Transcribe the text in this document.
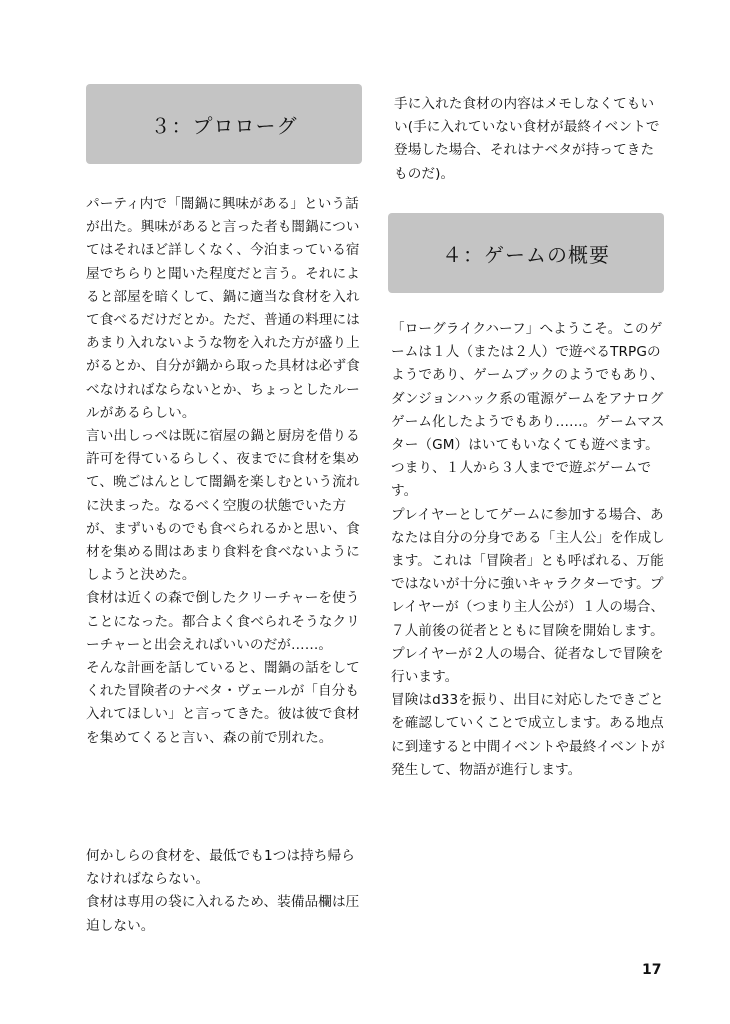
３：プロローグ
パーティ内で「闇鍋に興味がある」という話が出た。興味があると言った者も闇鍋についてはそれほど詳しくなく、今泊まっている宿屋でちらりと聞いた程度だと言う。それによると部屋を暗くして、鍋に適当な食材を入れて食べるだけだとか。ただ、普通の料理にはあまり入れないような物を入れた方が盛り上がるとか、自分が鍋から取った具材は必ず食べなければならないとか、ちょっとしたルールがあるらしい。
言い出しっぺは既に宿屋の鍋と厨房を借りる許可を得ているらしく、夜までに食材を集めて、晩ごはんとして闇鍋を楽しむという流れに決まった。なるべく空腹の状態でいた方が、まずいものでも食べられるかと思い、食材を集める間はあまり食料を食べないようにしようと決めた。
食材は近くの森で倒したクリーチャーを使うことになった。都合よく食べられそうなクリーチャーと出会えればいいのだが……。
そんな計画を話していると、闇鍋の話をしてくれた冒険者のナベタ・ヴェールが「自分も入れてほしい」と言ってきた。彼は彼で食材を集めてくると言い、森の前で別れた。

何かしらの食材を、最低でも1つは持ち帰らなければならない。
食材は専用の袋に入れるため、装備品欄は圧迫しない。

手に入れた食材の内容はメモしなくてもいい(手に入れていない食材が最終イベントで登場した場合、それはナベタが持ってきたものだ)。
４：ゲームの概要
「ローグライクハーフ」へようこそ。このゲームは１人（または２人）で遊べるTRPGのようであり、ゲームブックのようでもあり、ダンジョンハック系の電源ゲームをアナログゲーム化したようでもあり……。ゲームマスター（GM）はいてもいなくても遊べます。つまり、１人から３人までで遊ぶゲームです。
プレイヤーとしてゲームに参加する場合、あなたは自分の分身である「主人公」を作成します。これは「冒険者」とも呼ばれる、万能ではないが十分に強いキャラクターです。プレイヤーが（つまり主人公が）１人の場合、７人前後の従者とともに冒険を開始します。プレイヤーが２人の場合、従者なしで冒険を行います。
冒険はd33を振り、出目に対応したできごとを確認していくことで成立します。ある地点に到達すると中間イベントや最終イベントが発生して、物語が進行します。

17
